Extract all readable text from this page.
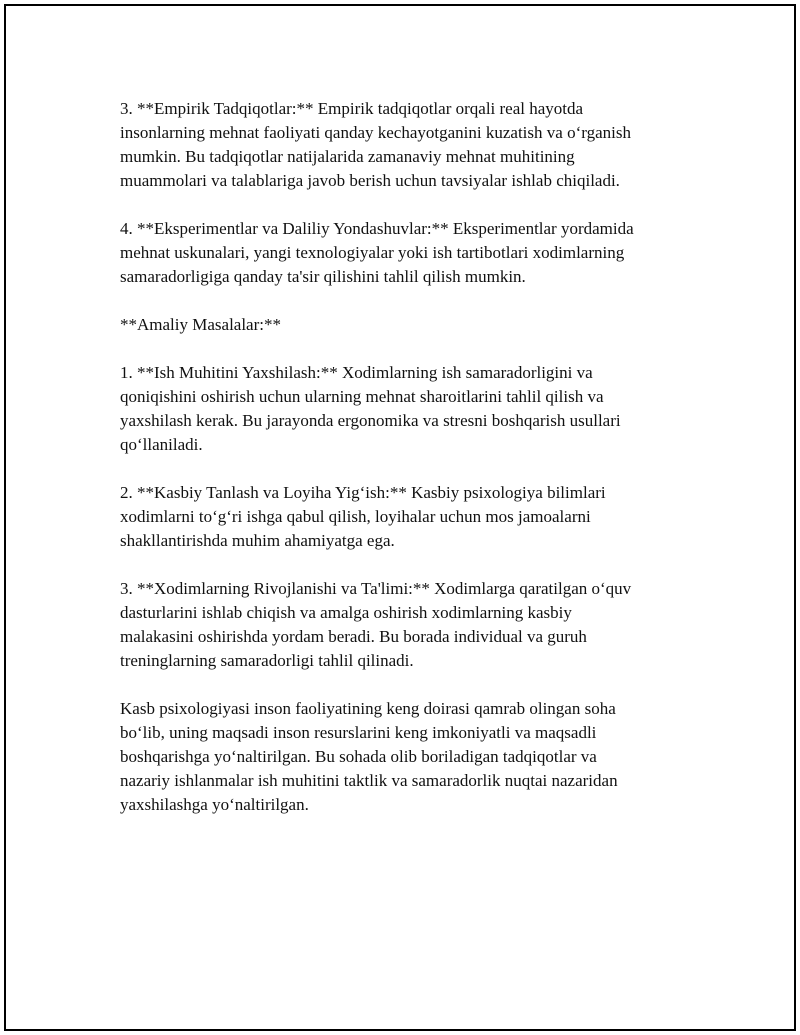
3. **Empirik Tadqiqotlar:** Empirik tadqiqotlar orqali real hayotda
insonlarning mehnat faoliyati qanday kechayotganini kuzatish va o‘rganish
mumkin. Bu tadqiqotlar natijalarida zamanaviy mehnat muhitining
muammolari va talablariga javob berish uchun tavsiyalar ishlab chiqiladi.

4. **Eksperimentlar va Daliliy Yondashuvlar:** Eksperimentlar yordamida
mehnat uskunalari, yangi texnologiyalar yoki ish tartibotlari xodimlarning
samaradorligiga qanday ta'sir qilishini tahlil qilish mumkin.

**Amaliy Masalalar:**

1. **Ish Muhitini Yaxshilash:** Xodimlarning ish samaradorligini va
qoniqishini oshirish uchun ularning mehnat sharoitlarini tahlil qilish va
yaxshilash kerak. Bu jarayonda ergonomika va stresni boshqarish usullari
qo‘llaniladi.

2. **Kasbiy Tanlash va Loyiha Yig‘ish:** Kasbiy psixologiya bilimlari
xodimlarni to‘g‘ri ishga qabul qilish, loyihalar uchun mos jamoalarni
shakllantirishda muhim ahamiyatga ega.

3. **Xodimlarning Rivojlanishi va Ta'limi:** Xodimlarga qaratilgan o‘quv
dasturlarini ishlab chiqish va amalga oshirish xodimlarning kasbiy
malakasini oshirishda yordam beradi. Bu borada individual va guruh
treninglarning samaradorligi tahlil qilinadi.

Kasb psixologiyasi inson faoliyatining keng doirasi qamrab olingan soha
bo‘lib, uning maqsadi inson resurslarini keng imkoniyatli va maqsadli
boshqarishga yo‘naltirilgan. Bu sohada olib boriladigan tadqiqotlar va
nazariy ishlanmalar ish muhitini taktlik va samaradorlik nuqtai nazaridan
yaxshilashga yo‘naltirilgan.
